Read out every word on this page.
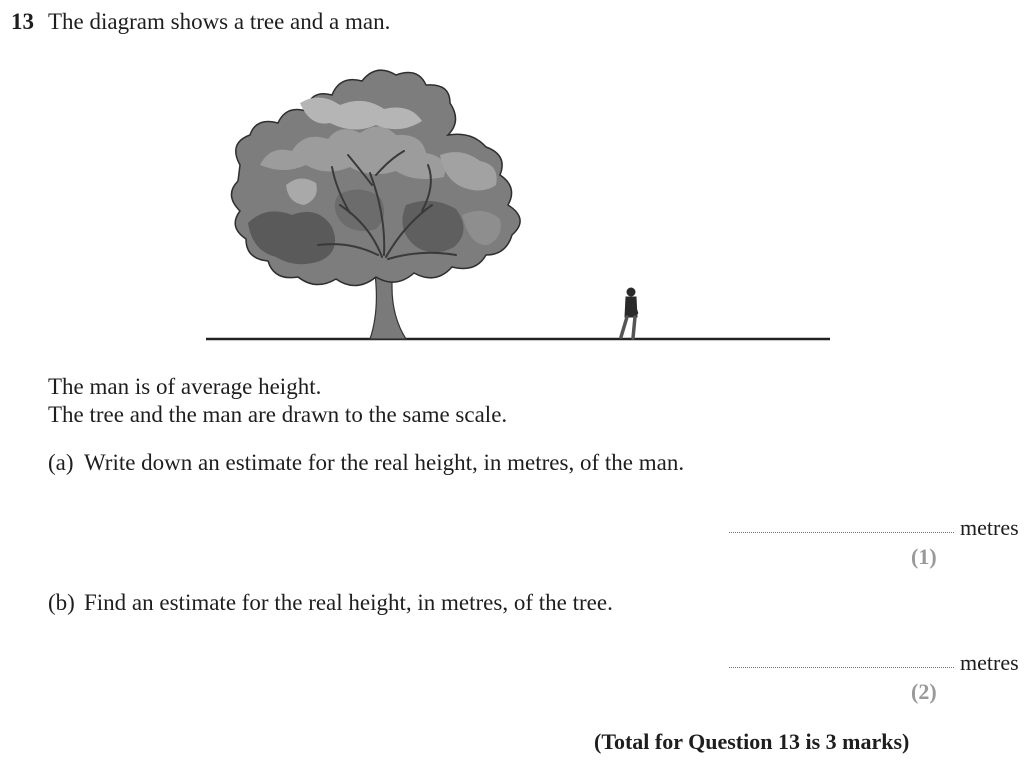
13 The diagram shows a tree and a man.
The man is of average height.
The tree and the man are drawn to the same scale.
(a) Write down an estimate for the real height, in metres, of the man.
metres
(1)
(b) Find an estimate for the real height, in metres, of the tree.
metres
(2)
(Total for Question 13 is 3 marks)
